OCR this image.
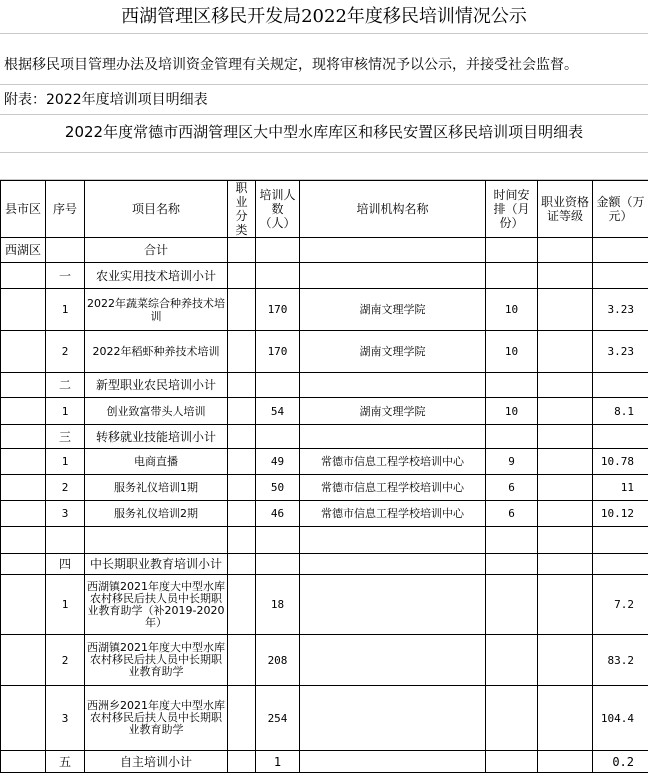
西湖管理区移民开发局2022年度移民培训情况公示
根据移民项目管理办法及培训资金管理有关规定，现将审核情况予以公示，并接受社会监督。
附表：2022年度培训项目明细表
2022年度常德市西湖管理区大中型水库库区和移民安置区移民培训项目明细表
县市区	序号	项目名称	职业分类	培训人数（人）	培训机构名称	时间安排（月份）	职业资格证等级	金额（万元）
西湖区		合计						
	一	农业实用技术培训小计						
	1	2022年蔬菜综合种养技术培训		170	湖南文理学院	10		3.23
	2	2022年稻虾种养技术培训		170	湖南文理学院	10		3.23
	二	新型职业农民培训小计						
	1	创业致富带头人培训		54	湖南文理学院	10		8.1
	三	转移就业技能培训小计						
	1	电商直播		49	常德市信息工程学校培训中心	9		10.78
	2	服务礼仪培训1期		50	常德市信息工程学校培训中心	6		11
	3	服务礼仪培训2期		46	常德市信息工程学校培训中心	6		10.12

	四	中长期职业教育培训小计						
	1	西湖镇2021年度大中型水库农村移民后扶人员中长期职业教育助学（补2019-2020年）		18				7.2
	2	西湖镇2021年度大中型水库农村移民后扶人员中长期职业教育助学		208				83.2
	3	西洲乡2021年度大中型水库农村移民后扶人员中长期职业教育助学		254				104.4
	五	自主培训小计		1				0.2
